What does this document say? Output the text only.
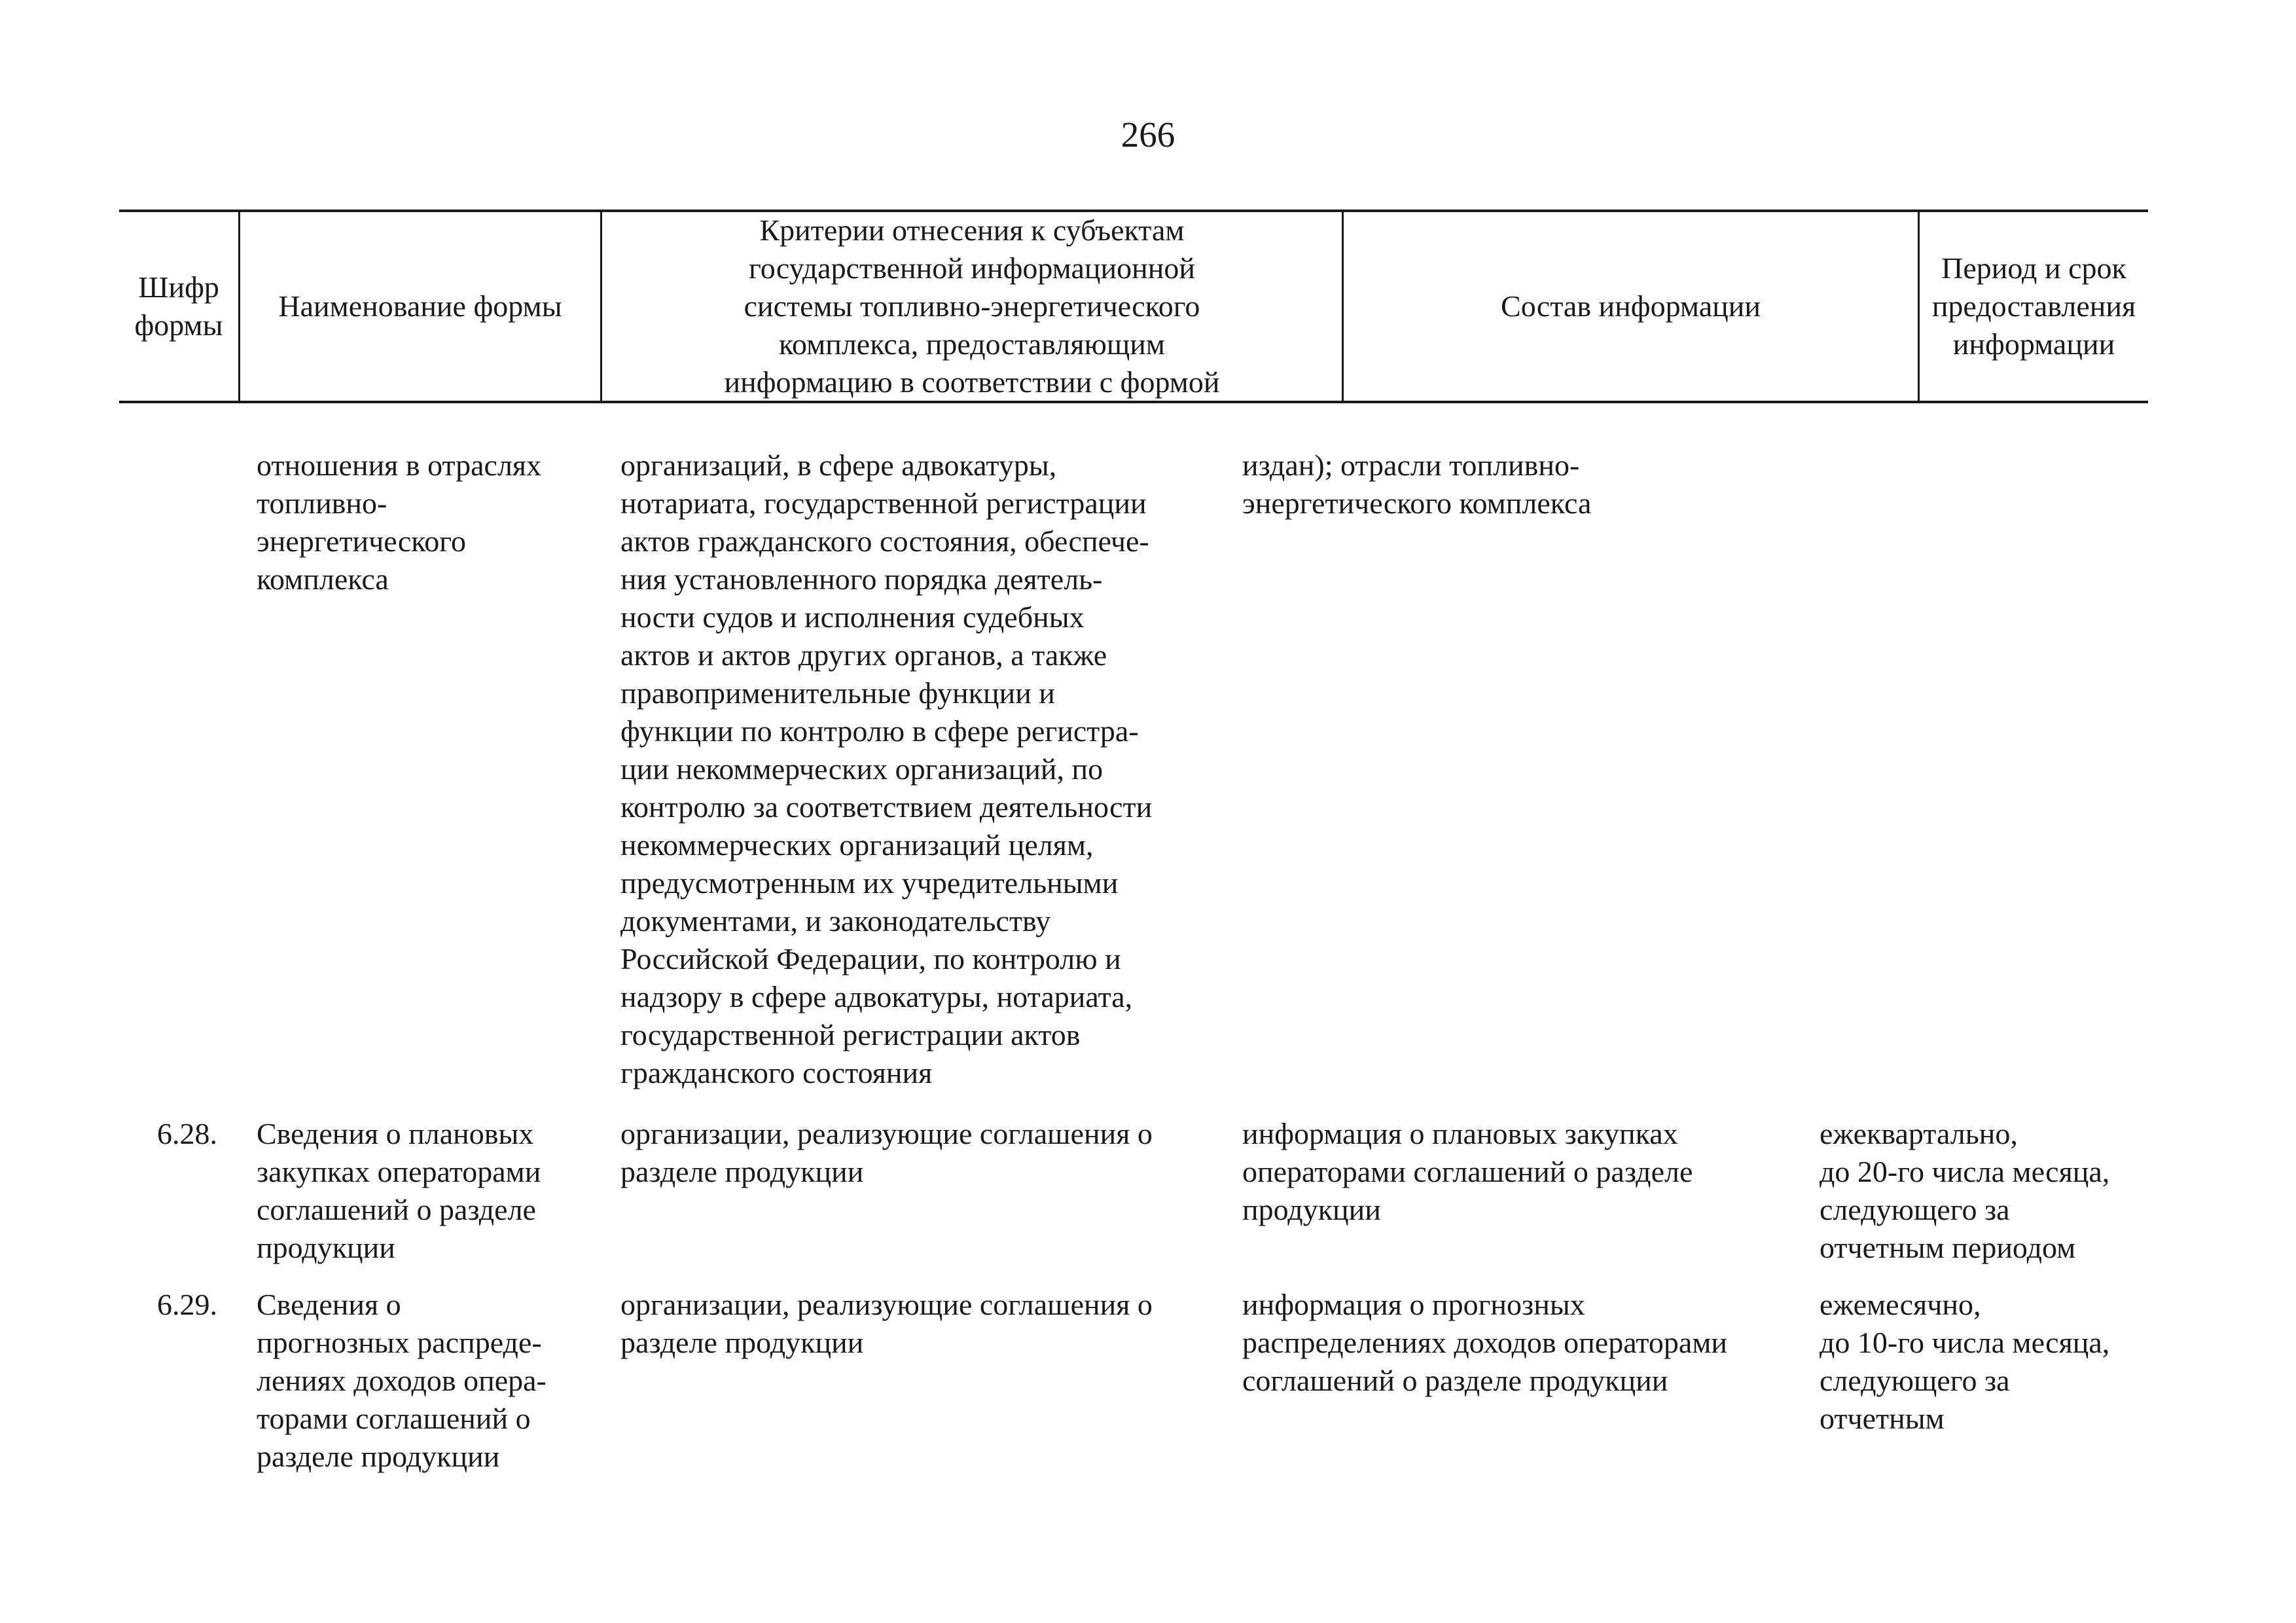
266
Шифр
формы
Наименование формы
Критерии отнесения к субъектам
государственной информационной
системы топливно-энергетического
комплекса, предоставляющим
информацию в соответствии с формой
Состав информации
Период и срок
предоставления
информации
отношения в отраслях
топливно-
энергетического
комплекса
организаций, в сфере адвокатуры,
нотариата, государственной регистрации
актов гражданского состояния, обеспече-
ния установленного порядка деятель-
ности судов и исполнения судебных
актов и актов других органов, а также
правоприменительные функции и
функции по контролю в сфере регистра-
ции некоммерческих организаций, по
контролю за соответствием деятельности
некоммерческих организаций целям,
предусмотренным их учредительными
документами, и законодательству
Российской Федерации, по контролю и
надзору в сфере адвокатуры, нотариата,
государственной регистрации актов
гражданского состояния
издан); отрасли топливно-
энергетического комплекса
6.28. Сведения о плановых
закупках операторами
соглашений о разделе
продукции
организации, реализующие соглашения о
разделе продукции
информация о плановых закупках
операторами соглашений о разделе
продукции
ежеквартально,
до 20-го числа месяца,
следующего за
отчетным периодом
6.29. Сведения о
прогнозных распреде-
лениях доходов опера-
торами соглашений о
разделе продукции
организации, реализующие соглашения о
разделе продукции
информация о прогнозных
распределениях доходов операторами
соглашений о разделе продукции
ежемесячно,
до 10-го числа месяца,
следующего за
отчетным
